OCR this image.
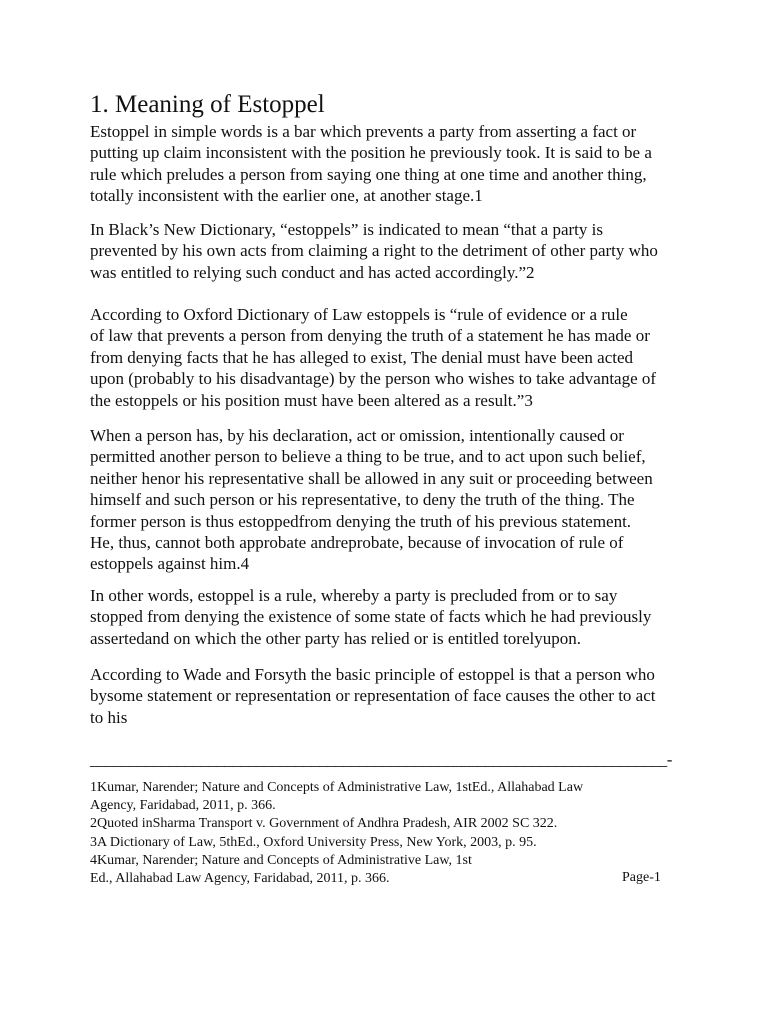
1. Meaning of Estoppel
Estoppel in simple words is a bar which prevents a party from asserting a fact or
putting up claim inconsistent with the position he previously took. It is said to be a
rule which preludes a person from saying one thing at one time and another thing,
totally inconsistent with the earlier one, at another stage.1
In Black’s New Dictionary, “estoppels” is indicated to mean “that a party is
prevented by his own acts from claiming a right to the detriment of other party who
was entitled to relying such conduct and has acted accordingly.”2
According to Oxford Dictionary of Law estoppels is “rule of evidence or a rule
of law that prevents a person from denying the truth of a statement he has made or
from denying facts that he has alleged to exist, The denial must have been acted
upon (probably to his disadvantage) by the person who wishes to take advantage of
the estoppels or his position must have been altered as a result.”3
When a person has, by his declaration, act or omission, intentionally caused or
permitted another person to believe a thing to be true, and to act upon such belief,
neither henor his representative shall be allowed in any suit or proceeding between
himself and such person or his representative, to deny the truth of the thing. The
former person is thus estoppedfrom denying the truth of his previous statement.
He, thus, cannot both approbate andreprobate, because of invocation of rule of
estoppels against him.4
In other words, estoppel is a rule, whereby a party is precluded from or to say
stopped from denying the existence of some state of facts which he had previously
assertedand on which the other party has relied or is entitled torelyupon.
According to Wade and Forsyth the basic principle of estoppel is that a person who
bysome statement or representation or representation of face causes the other to act
to his
_________________________________________________________________________-
1Kumar, Narender; Nature and Concepts of Administrative Law, 1stEd., Allahabad Law
Agency, Faridabad, 2011, p. 366.
2Quoted inSharma Transport v. Government of Andhra Pradesh, AIR 2002 SC 322.
3A Dictionary of Law, 5thEd., Oxford University Press, New York, 2003, p. 95.
4Kumar, Narender; Nature and Concepts of Administrative Law, 1st
Ed., Allahabad Law Agency, Faridabad, 2011, p. 366.	Page-1
